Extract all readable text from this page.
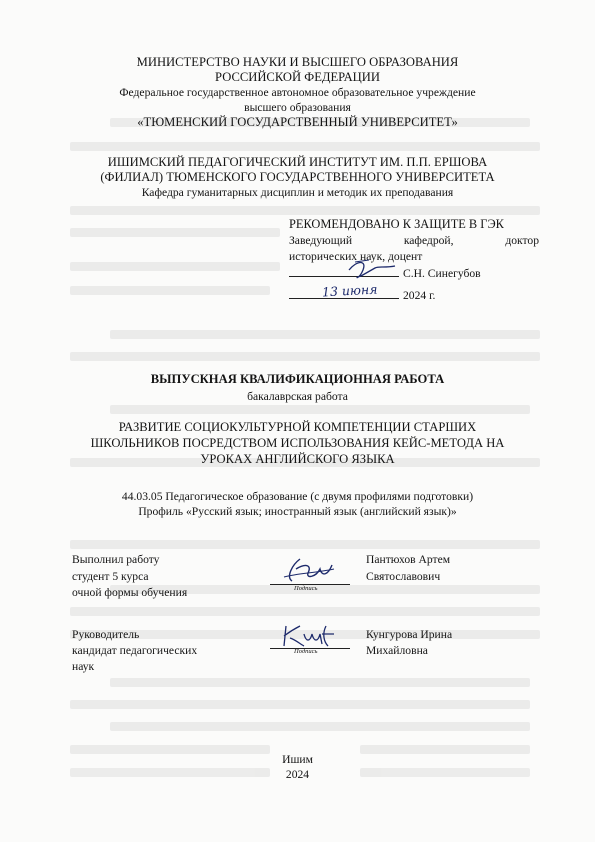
МИНИСТЕРСТВО НАУКИ И ВЫСШЕГО ОБРАЗОВАНИЯ
РОССИЙСКОЙ ФЕДЕРАЦИИ
Федеральное государственное автономное образовательное учреждение
высшего образования
«ТЮМЕНСКИЙ ГОСУДАРСТВЕННЫЙ УНИВЕРСИТЕТ»
ИШИМСКИЙ ПЕДАГОГИЧЕСКИЙ ИНСТИТУТ ИМ. П.П. ЕРШОВА
(ФИЛИАЛ) ТЮМЕНСКОГО ГОСУДАРСТВЕННОГО УНИВЕРСИТЕТА
Кафедра гуманитарных дисциплин и методик их преподавания
РЕКОМЕНДОВАНО К ЗАЩИТЕ В ГЭК
Заведующий кафедрой, доктор
исторических наук, доцент
С.Н. Синегубов
13 июня 2024 г.
ВЫПУСКНАЯ КВАЛИФИКАЦИОННАЯ РАБОТА
бакалаврская работа
РАЗВИТИЕ СОЦИОКУЛЬТУРНОЙ КОМПЕТЕНЦИИ СТАРШИХ
ШКОЛЬНИКОВ ПОСРЕДСТВОМ ИСПОЛЬЗОВАНИЯ КЕЙС-МЕТОДА НА
УРОКАХ АНГЛИЙСКОГО ЯЗЫКА
44.03.05 Педагогическое образование (с двумя профилями подготовки)
Профиль «Русский язык; иностранный язык (английский язык)»
Выполнил работу
студент 5 курса
очной формы обучения	Подпись
Пантюхов Артем
Святославович
Руководитель
кандидат педагогических
наук
Подпись
Кунгурова Ирина
Михайловна
Ишим
2024
